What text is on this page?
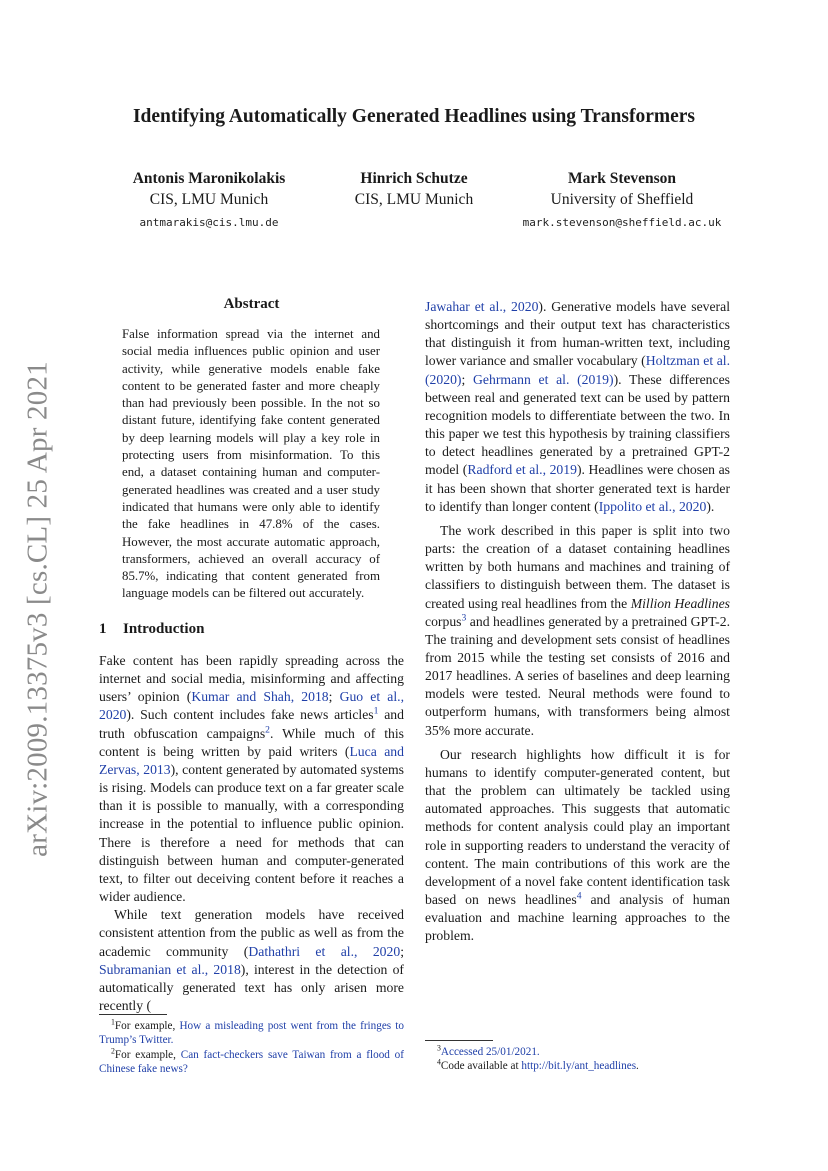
arXiv:2009.13375v3 [cs.CL] 25 Apr 2021
Identifying Automatically Generated Headlines using Transformers
Antonis Maronikolakis
CIS, LMU Munich
antmarakis@cis.lmu.de
Hinrich Schutze
CIS, LMU Munich
Mark Stevenson
University of Sheffield
mark.stevenson@sheffield.ac.uk
Abstract
False information spread via the internet and social media influences public opinion and user activity, while generative models enable fake content to be generated faster and more cheaply than had previously been possible. In the not so distant future, identifying fake content generated by deep learning models will play a key role in protecting users from misinformation. To this end, a dataset containing human and computer-generated headlines was created and a user study indicated that humans were only able to identify the fake headlines in 47.8% of the cases. However, the most accurate automatic approach, transformers, achieved an overall accuracy of 85.7%, indicating that content generated from language models can be filtered out accurately.
1 Introduction

Fake content has been rapidly spreading across the internet and social media, misinforming and affecting users’ opinion (Kumar and Shah, 2018; Guo et al., 2020). Such content includes fake news articles$^1$ and truth obfuscation campaigns$^2$. While much of this content is being written by paid writers (Luca and Zervas, 2013), content generated by automated systems is rising. Models can produce text on a far greater scale than it is possible to manually, with a corresponding increase in the potential to influence public opinion. There is therefore a need for methods that can distinguish between human and computer-generated text, to filter out deceiving content before it reaches a wider audience.

While text generation models have received consistent attention from the public as well as from the academic community (Dathathri et al., 2020; Subramanian et al., 2018), interest in the detection of automatically generated text has only arisen more recently (

$^1$For example, How a misleading post went from the fringes to Trump’s Twitter.

$^2$For example, Can fact-checkers save Taiwan from a flood of Chinese fake news?

Jawahar et al., 2020). Generative models have several shortcomings and their output text has characteristics that distinguish it from human-written text, including lower variance and smaller vocabulary (Holtzman et al. (2020); Gehrmann et al. (2019)). These differences between real and generated text can be used by pattern recognition models to differentiate between the two. In this paper we test this hypothesis by training classifiers to detect headlines generated by a pretrained GPT-2 model (Radford et al., 2019). Headlines were chosen as it has been shown that shorter generated text is harder to identify than longer content (Ippolito et al., 2020).

The work described in this paper is split into two parts: the creation of a dataset containing headlines written by both humans and machines and training of classifiers to distinguish between them. The dataset is created using real headlines from the Million Headlines corpus$^3$ and headlines generated by a pretrained GPT-2. The training and development sets consist of headlines from 2015 while the testing set consists of 2016 and 2017 headlines. A series of baselines and deep learning models were tested. Neural methods were found to outperform humans, with transformers being almost 35% more accurate.

Our research highlights how difficult it is for humans to identify computer-generated content, but that the problem can ultimately be tackled using automated approaches. This suggests that automatic methods for content analysis could play an important role in supporting readers to understand the veracity of content. The main contributions of this work are the development of a novel fake content identification task based on news headlines$^4$ and analysis of human evaluation and machine learning approaches to the problem.

$^3$Accessed 25/01/2021.

$^4$Code available at http://bit.ly/ant_headlines.
